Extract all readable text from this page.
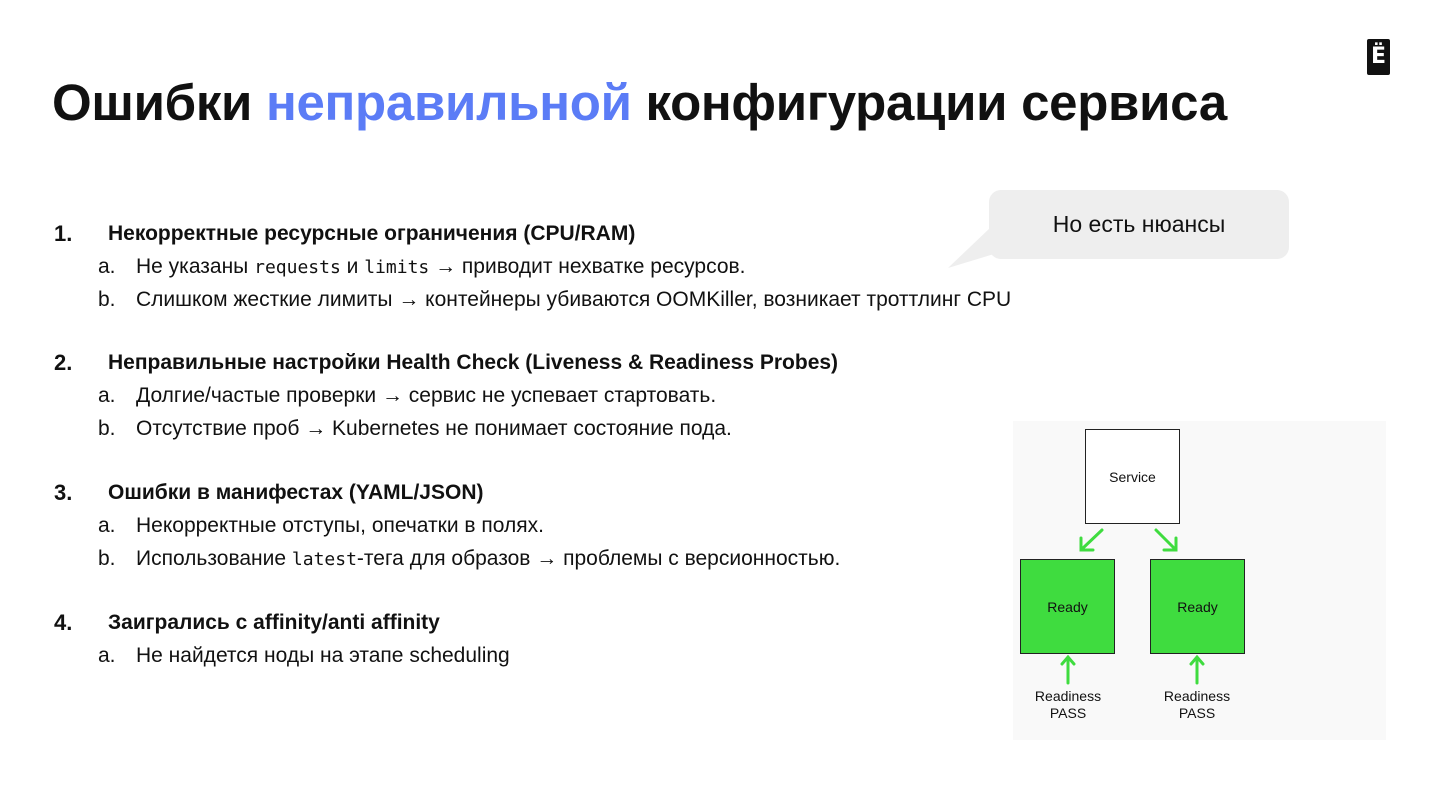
Ë
Ошибки неправильной конфигурации сервиса
Но есть нюансы
1. Некорректные ресурсные ограничения (CPU/RAM)
a. Не указаны requests и limits → приводит нехватке ресурсов.
b. Слишком жесткие лимиты → контейнеры убиваются OOMKiller, возникает троттлинг CPU
2. Неправильные настройки Health Check (Liveness & Readiness Probes)
a. Долгие/частые проверки → сервис не успевает стартовать.
b. Отсутствие проб → Kubernetes не понимает состояние пода.
3. Ошибки в манифестах (YAML/JSON)
a. Некорректные отступы, опечатки в полях.
b. Использование latest-тега для образов → проблемы с версионностью.
4. Заигрались с affinity/anti affinity
a. Не найдется ноды на этапе scheduling
Service
Ready	Ready
Readiness
PASS
Readiness
PASS
